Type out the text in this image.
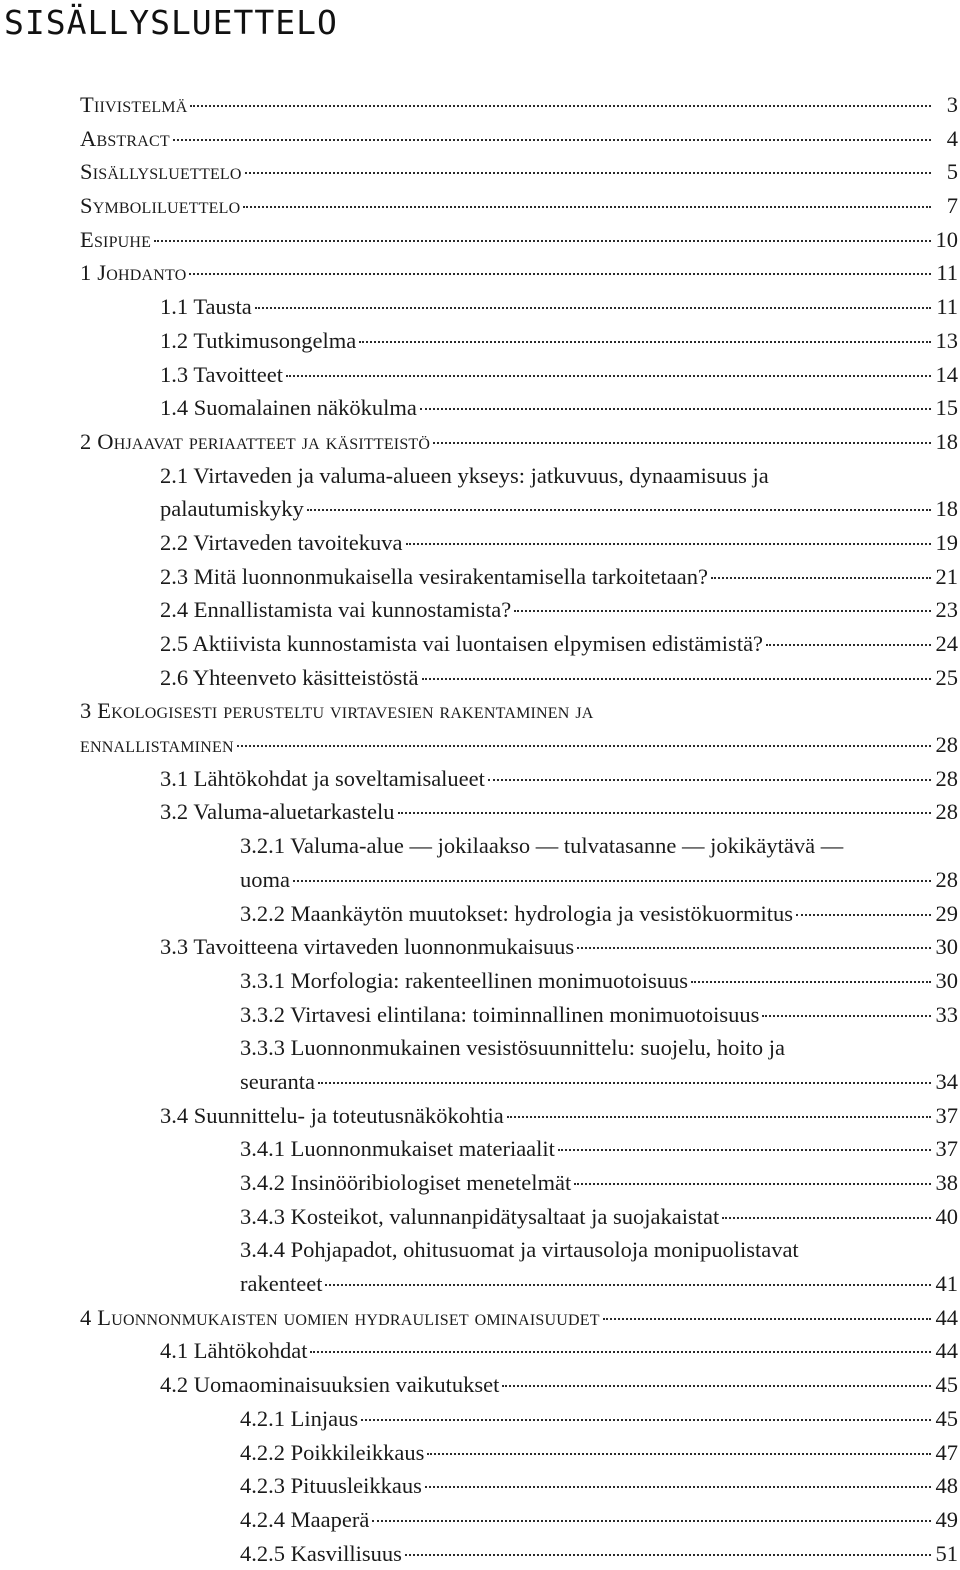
SISÄLLYSLUETTELO
Tiivistelmä	3
Abstract	4
Sisällysluettelo	5
Symboliluettelo	7
Esipuhe	10
1 Johdanto	11
1.1 Tausta	11
1.2 Tutkimusongelma	13
1.3 Tavoitteet	14
1.4 Suomalainen näkökulma	15
2 Ohjaavat periaatteet ja käsitteistö	18
2.1 Virtaveden ja valuma-alueen ykseys: jatkuvuus, dynaamisuus ja
palautumiskyky	18
2.2 Virtaveden tavoitekuva	19
2.3 Mitä luonnonmukaisella vesirakentamisella tarkoitetaan?	21
2.4 Ennallistamista vai kunnostamista?	23
2.5 Aktiivista kunnostamista vai luontaisen elpymisen edistämistä?	24
2.6 Yhteenveto käsitteistöstä	25
3 Ekologisesti perusteltu virtavesien rakentaminen ja
ennallistaminen	28
3.1 Lähtökohdat ja soveltamisalueet	28
3.2 Valuma-aluetarkastelu	28
3.2.1 Valuma-alue — jokilaakso — tulvatasanne — jokikäytävä —
uoma	28
3.2.2 Maankäytön muutokset: hydrologia ja vesistökuormitus	29
3.3 Tavoitteena virtaveden luonnonmukaisuus	30
3.3.1 Morfologia: rakenteellinen monimuotoisuus	30
3.3.2 Virtavesi elintilana: toiminnallinen monimuotoisuus	33
3.3.3 Luonnonmukainen vesistösuunnittelu: suojelu, hoito ja
seuranta	34
3.4 Suunnittelu- ja toteutusnäkökohtia	37
3.4.1 Luonnonmukaiset materiaalit	37
3.4.2 Insinööribiologiset menetelmät	38
3.4.3 Kosteikot, valunnanpidätysaltaat ja suojakaistat	40
3.4.4 Pohjapadot, ohitusuomat ja virtausoloja monipuolistavat
rakenteet	41
4 Luonnonmukaisten uomien hydrauliset ominaisuudet	44
4.1 Lähtökohdat	44
4.2 Uomaominaisuuksien vaikutukset	45
4.2.1 Linjaus	45
4.2.2 Poikkileikkaus	47
4.2.3 Pituusleikkaus	48
4.2.4 Maaperä	49
4.2.5 Kasvillisuus	51
